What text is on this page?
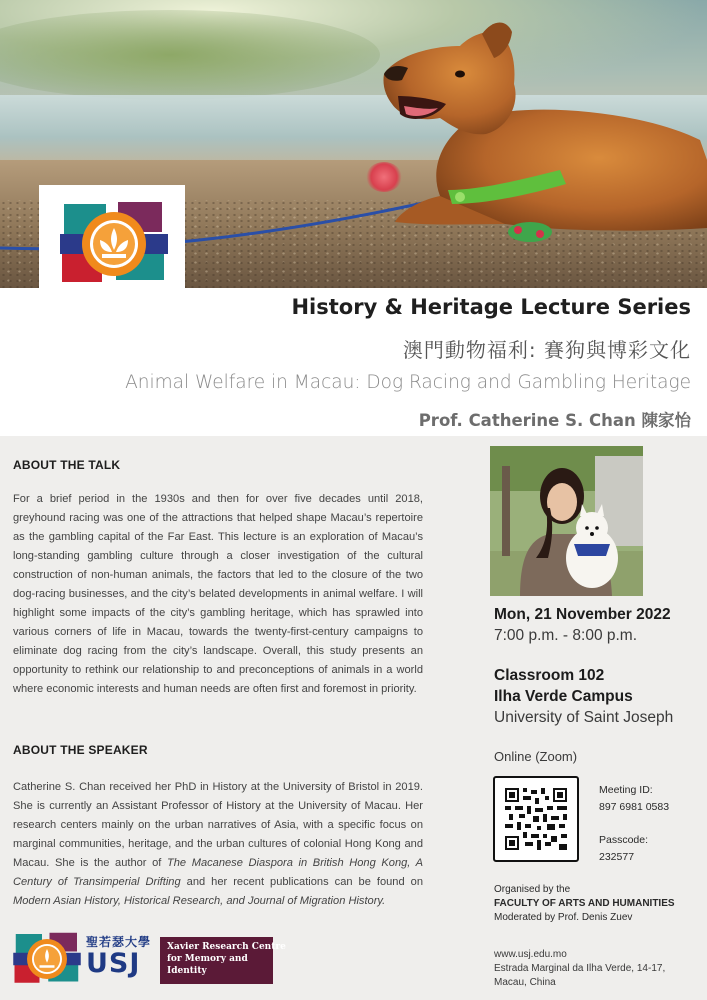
History & Heritage Lecture Series
澳門動物福利: 賽狗與博彩文化
Animal Welfare in Macau: Dog Racing and Gambling Heritage
Prof. Catherine S. Chan 陳家怡
ABOUT THE TALK
For a brief period in the 1930s and then for over five decades until 2018, greyhound racing was one of the attractions that helped shape Macau’s repertoire as the gambling capital of the Far East. This lecture is an exploration of Macau’s long-standing gambling culture through a closer investigation of the cultural construction of non-human animals, the factors that led to the closure of the two dog-racing businesses, and the city’s belated developments in animal welfare. I will highlight some impacts of the city’s gambling heritage, which has sprawled into various corners of life in Macau, towards the twenty-first-century campaigns to eliminate dog racing from the city’s landscape. Overall, this study presents an opportunity to rethink our relationship to and preconceptions of animals in a world where economic interests and human needs are often first and foremost in priority.
ABOUT THE SPEAKER
Catherine S. Chan received her PhD in History at the University of Bristol in 2019. She is currently an Assistant Professor of History at the University of Macau. Her research centers mainly on the urban narratives of Asia, with a specific focus on marginal communities, heritage, and the urban cultures of colonial Hong Kong and Macau. She is the author of The Macanese Diaspora in British Hong Kong, A Century of Transimperial Drifting and her recent publications can be found on Modern Asian History, Historical Research, and Journal of Migration History.
Mon, 21 November 2022
7:00 p.m. - 8:00 p.m.
Classroom 102
Ilha Verde Campus
University of Saint Joseph
Online (Zoom)
Meeting ID:
897 6981 0583
Passcode:
232577
Organised by the
FACULTY OF ARTS AND HUMANITIES
Moderated by Prof. Denis Zuev
www.usj.edu.mo
Estrada Marginal da Ilha Verde, 14-17,
Macau, China
聖若瑟大學
USJ
Xavier Research Centre
for Memory and
Identity
